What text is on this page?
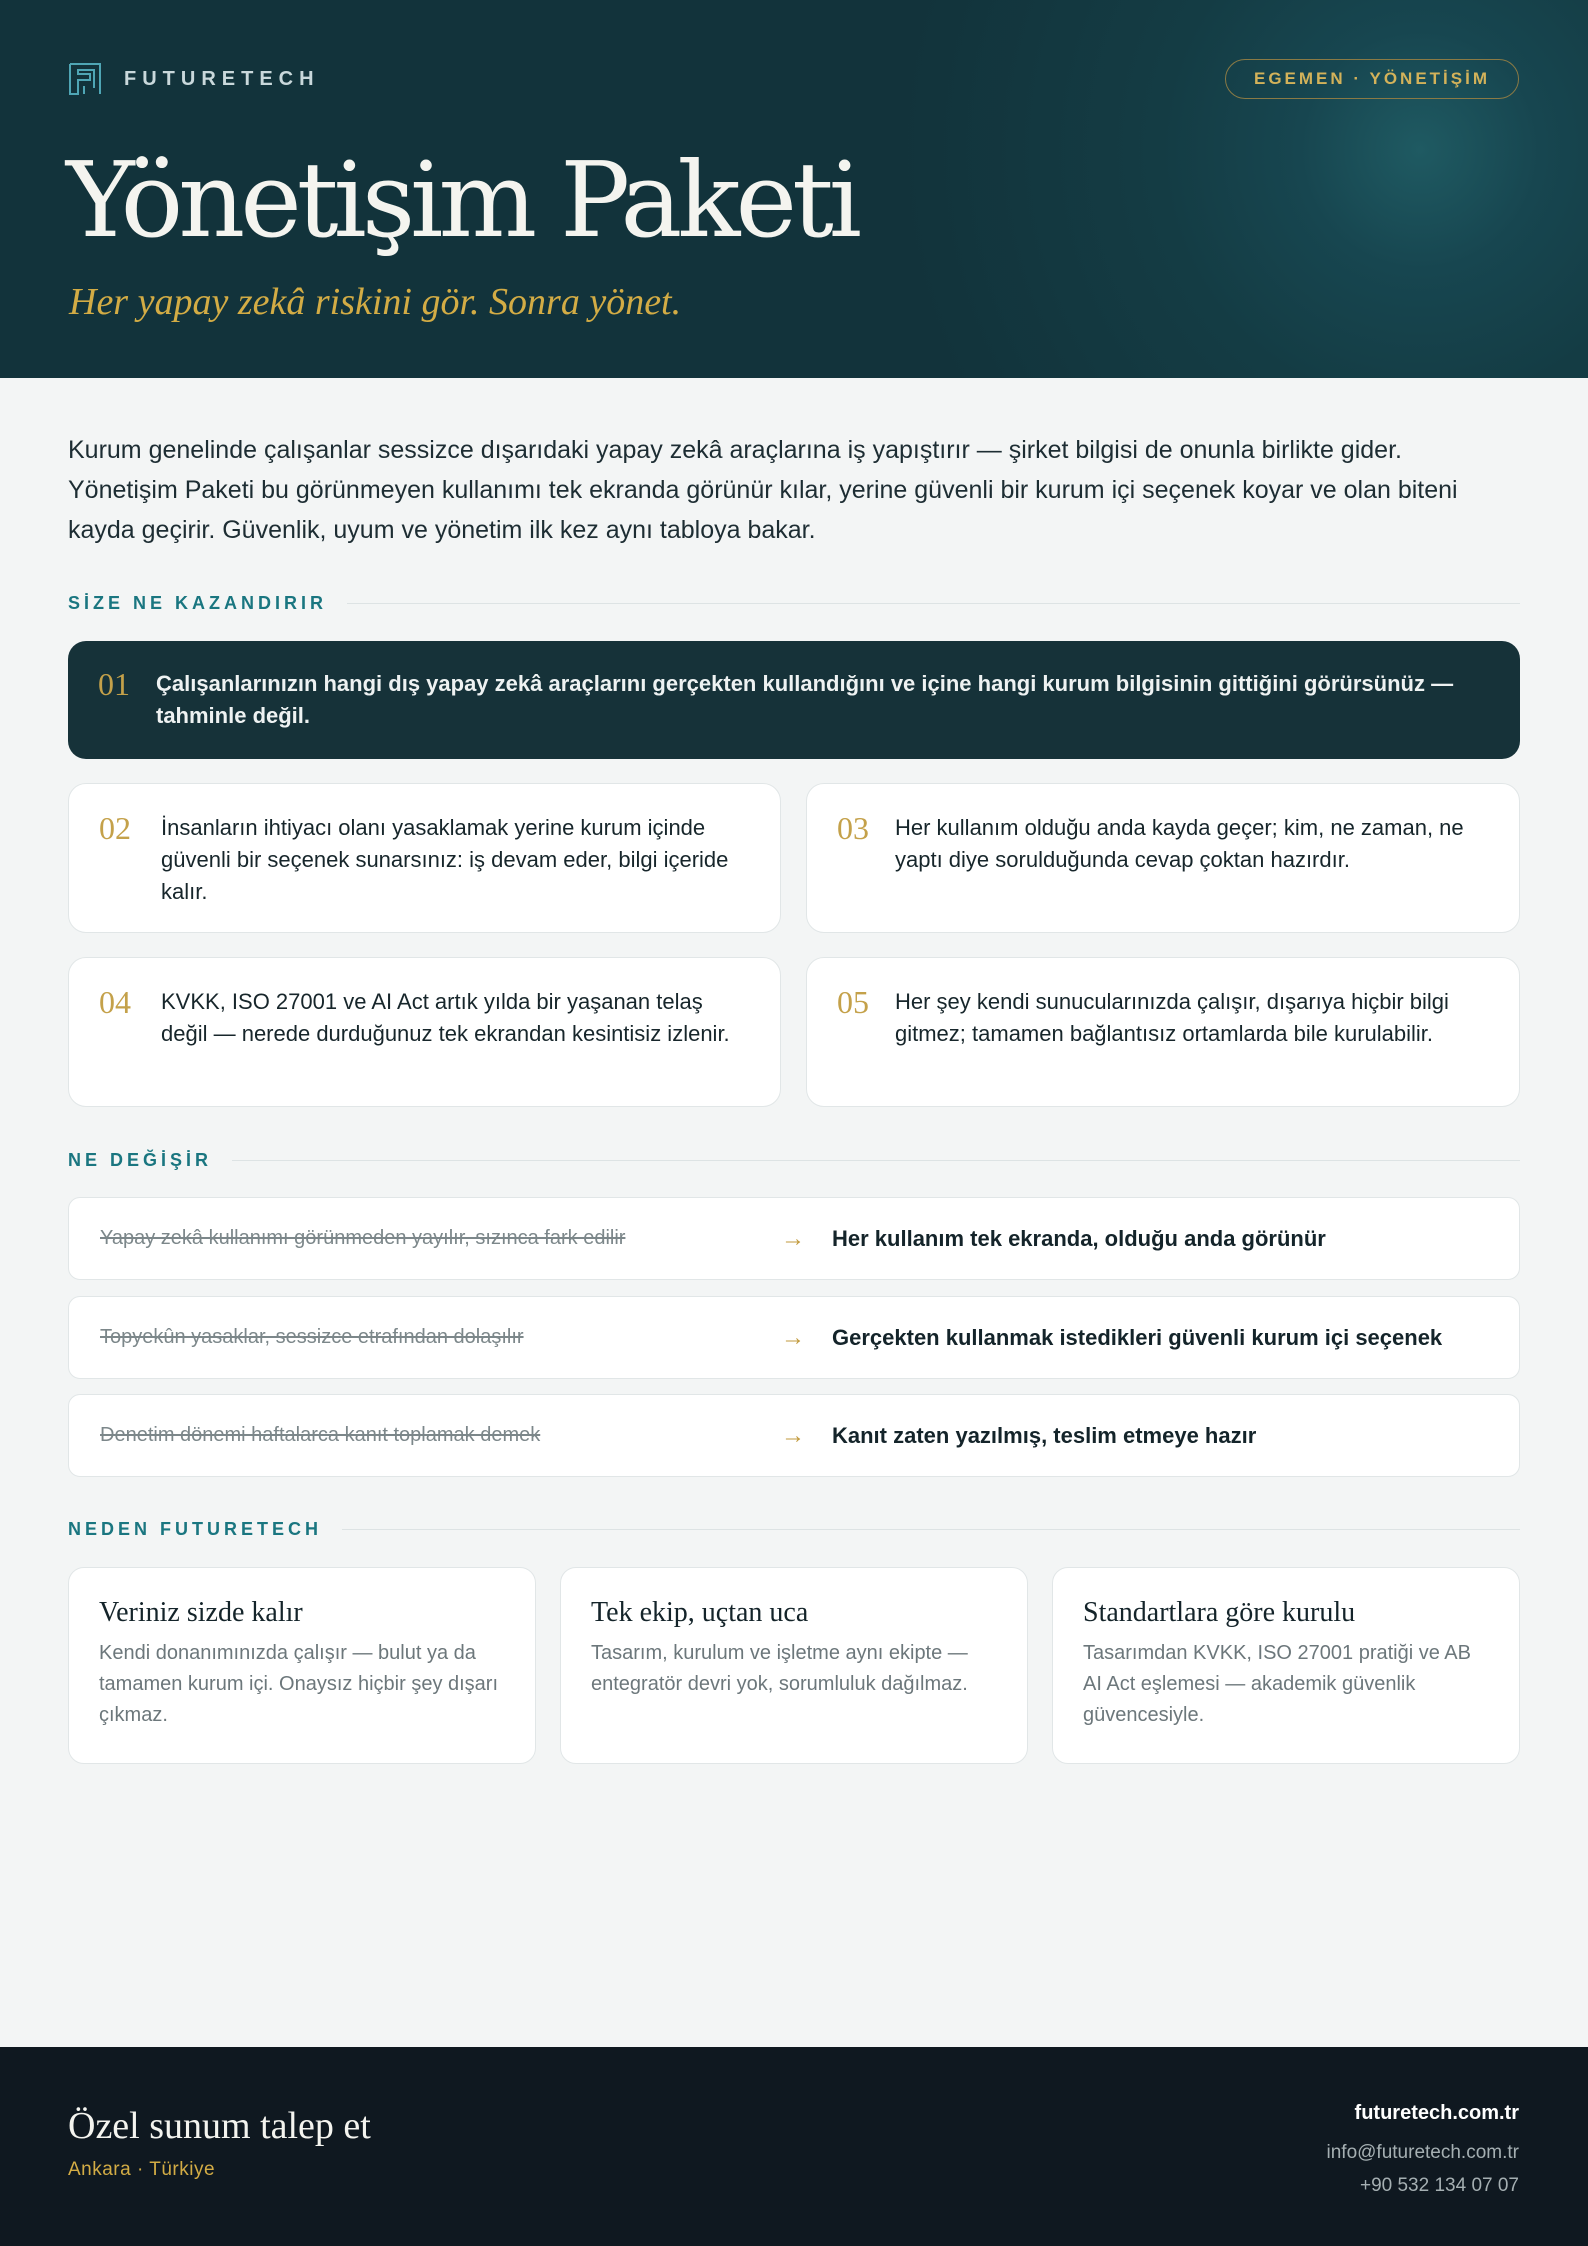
FUTURETECH	EGEMEN · YÖNETİŞİM
Yönetişim Paketi
Her yapay zekâ riskini gör. Sonra yönet.

Kurum genelinde çalışanlar sessizce dışarıdaki yapay zekâ araçlarına iş yapıştırır — şirket bilgisi de onunla birlikte gider. Yönetişim Paketi bu görünmeyen kullanımı tek ekranda görünür kılar, yerine güvenli bir kurum içi seçenek koyar ve olan biteni kayda geçirir. Güvenlik, uyum ve yönetim ilk kez aynı tabloya bakar.

SİZE NE KAZANDIRIR
01	Çalışanlarınızın hangi dış yapay zekâ araçlarını gerçekten kullandığını ve içine hangi kurum bilgisinin gittiğini görürsünüz — tahminle değil.
02	İnsanların ihtiyacı olanı yasaklamak yerine kurum içinde güvenli bir seçenek sunarsınız: iş devam eder, bilgi içeride kalır.
03	Her kullanım olduğu anda kayda geçer; kim, ne zaman, ne yaptı diye sorulduğunda cevap çoktan hazırdır.
04	KVKK, ISO 27001 ve AI Act artık yılda bir yaşanan telaş değil — nerede durduğunuz tek ekrandan kesintisiz izlenir.
05	Her şey kendi sunucularınızda çalışır, dışarıya hiçbir bilgi gitmez; tamamen bağlantısız ortamlarda bile kurulabilir.
NE DEĞİŞİR
Yapay zekâ kullanımı görünmeden yayılır, sızınca fark edilir	→ Her kullanım tek ekranda, olduğu anda görünür
Topyekûn yasaklar, sessizce etrafından dolaşılır	→ Gerçekten kullanmak istedikleri güvenli kurum içi seçenek
Denetim dönemi haftalarca kanıt toplamak demek	→ Kanıt zaten yazılmış, teslim etmeye hazır
NEDEN FUTURETECH
Veriniz sizde kalır

Kendi donanımınızda çalışır — bulut ya da tamamen kurum içi. Onaysız hiçbir şey dışarı çıkmaz.

Tek ekip, uçtan uca

Tasarım, kurulum ve işletme aynı ekipte — entegratör devri yok, sorumluluk dağılmaz.

Standartlara göre kurulu

Tasarımdan KVKK, ISO 27001 pratiği ve AB AI Act eşlemesi — akademik güvenlik güvencesiyle.

Özel sunum talep et
Ankara · Türkiye
futuretech.com.tr
info@futuretech.com.tr
+90 532 134 07 07
